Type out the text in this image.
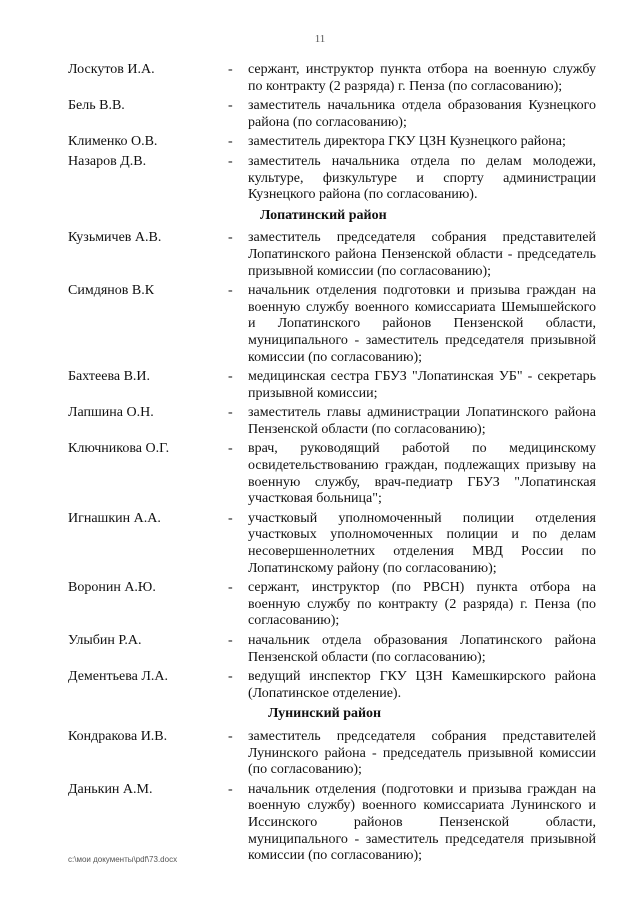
11
Лоскутов И.А.	-	сержант, инструктор пункта отбора на военную службу по контракту (2 разряда) г. Пенза (по согласованию);
Бель В.В.	-	заместитель начальника отдела образования Кузнецкого района (по согласованию);
Клименко О.В.	-	заместитель директора ГКУ ЦЗН Кузнецкого района;
Назаров Д.В.	-	заместитель начальника отдела по делам молодежи, культуре, физкультуре и спорту администрации Кузнецкого района (по согласованию).
Лопатинский район
Кузьмичев А.В.	-	заместитель председателя собрания представителей Лопатинского района Пензенской области - председатель призывной комиссии (по согласованию);
Симдянов В.К	-	начальник отделения подготовки и призыва граждан на военную службу военного комиссариата Шемышейского и Лопатинского районов Пензенской области, муниципального - заместитель председателя призывной комиссии (по согласованию);
Бахтеева В.И.	-	медицинская сестра ГБУЗ "Лопатинская УБ" - секретарь призывной комиссии;
Лапшина О.Н.	-	заместитель главы администрации Лопатинского района Пензенской области (по согласованию);
Ключникова О.Г.	-	врач, руководящий работой по медицинскому освидетельствованию граждан, подлежащих призыву на военную службу, врач-педиатр ГБУЗ "Лопатинская участковая больница";
Игнашкин А.А.	-	участковый уполномоченный полиции отделения участковых уполномоченных полиции и по делам несовершеннолетних отделения МВД России по Лопатинскому району (по согласованию);
Воронин А.Ю.	-	сержант, инструктор (по РВСН) пункта отбора на военную службу по контракту (2 разряда) г. Пенза (по согласованию);
Улыбин Р.А.	-	начальник отдела образования Лопатинского района Пензенской области (по согласованию);
Дементьева Л.А.	-	ведущий инспектор ГКУ ЦЗН Камешкирского района (Лопатинское отделение).
Лунинский район
Кондракова И.В.	-	заместитель председателя собрания представителей Лунинского района - председатель призывной комиссии (по согласованию);
Данькин А.М.	-	начальник отделения (подготовки и призыва граждан на военную службу) военного комиссариата Лунинского и Иссинского районов Пензенской области, муниципального - заместитель председателя призывной комиссии (по согласованию);
c:\мои документы\pdf\73.docx
